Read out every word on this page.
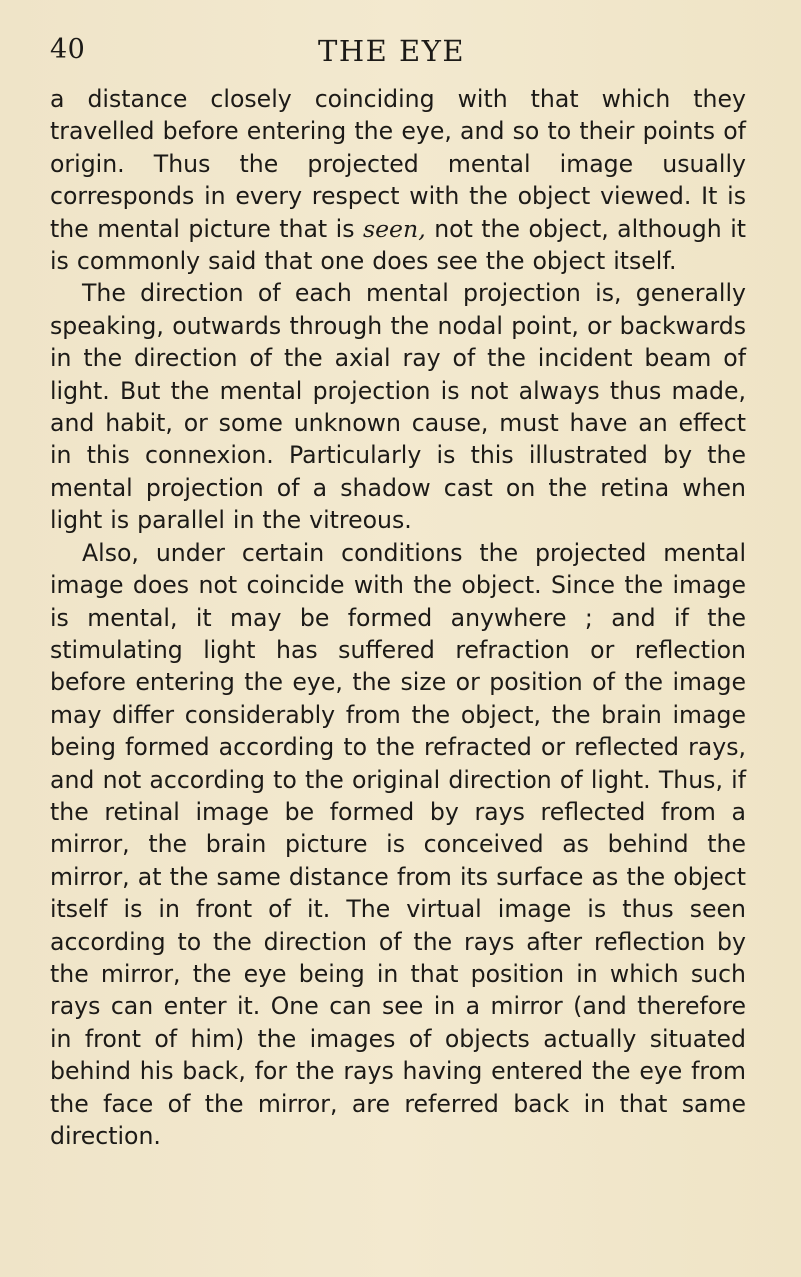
40	THE EYE

a distance closely coinciding with that which they travelled before entering the eye, and so to their points of origin. Thus the projected mental image usually corresponds in every respect with the object viewed. It is the mental picture that is seen, not the object, although it is commonly said that one does see the object itself.

The direction of each mental projection is, generally speaking, outwards through the nodal point, or backwards in the direction of the axial ray of the incident beam of light. But the mental projection is not always thus made, and habit, or some unknown cause, must have an effect in this connexion. Particularly is this illustrated by the mental projection of a shadow cast on the retina when light is parallel in the vitreous.

Also, under certain conditions the projected mental image does not coincide with the object. Since the image is mental, it may be formed anywhere ; and if the stimulating light has suffered refraction or reflection before entering the eye, the size or position of the image may differ considerably from the object, the brain image being formed according to the refracted or reflected rays, and not according to the original direction of light. Thus, if the retinal image be formed by rays reflected from a mirror, the brain picture is conceived as behind the mirror, at the same distance from its surface as the object itself is in front of it. The virtual image is thus seen according to the direction of the rays after reflection by the mirror, the eye being in that position in which such rays can enter it. One can see in a mirror (and therefore in front of him) the images of objects actually situated behind his back, for the rays having entered the eye from the face of the mirror, are referred back in that same direction.
